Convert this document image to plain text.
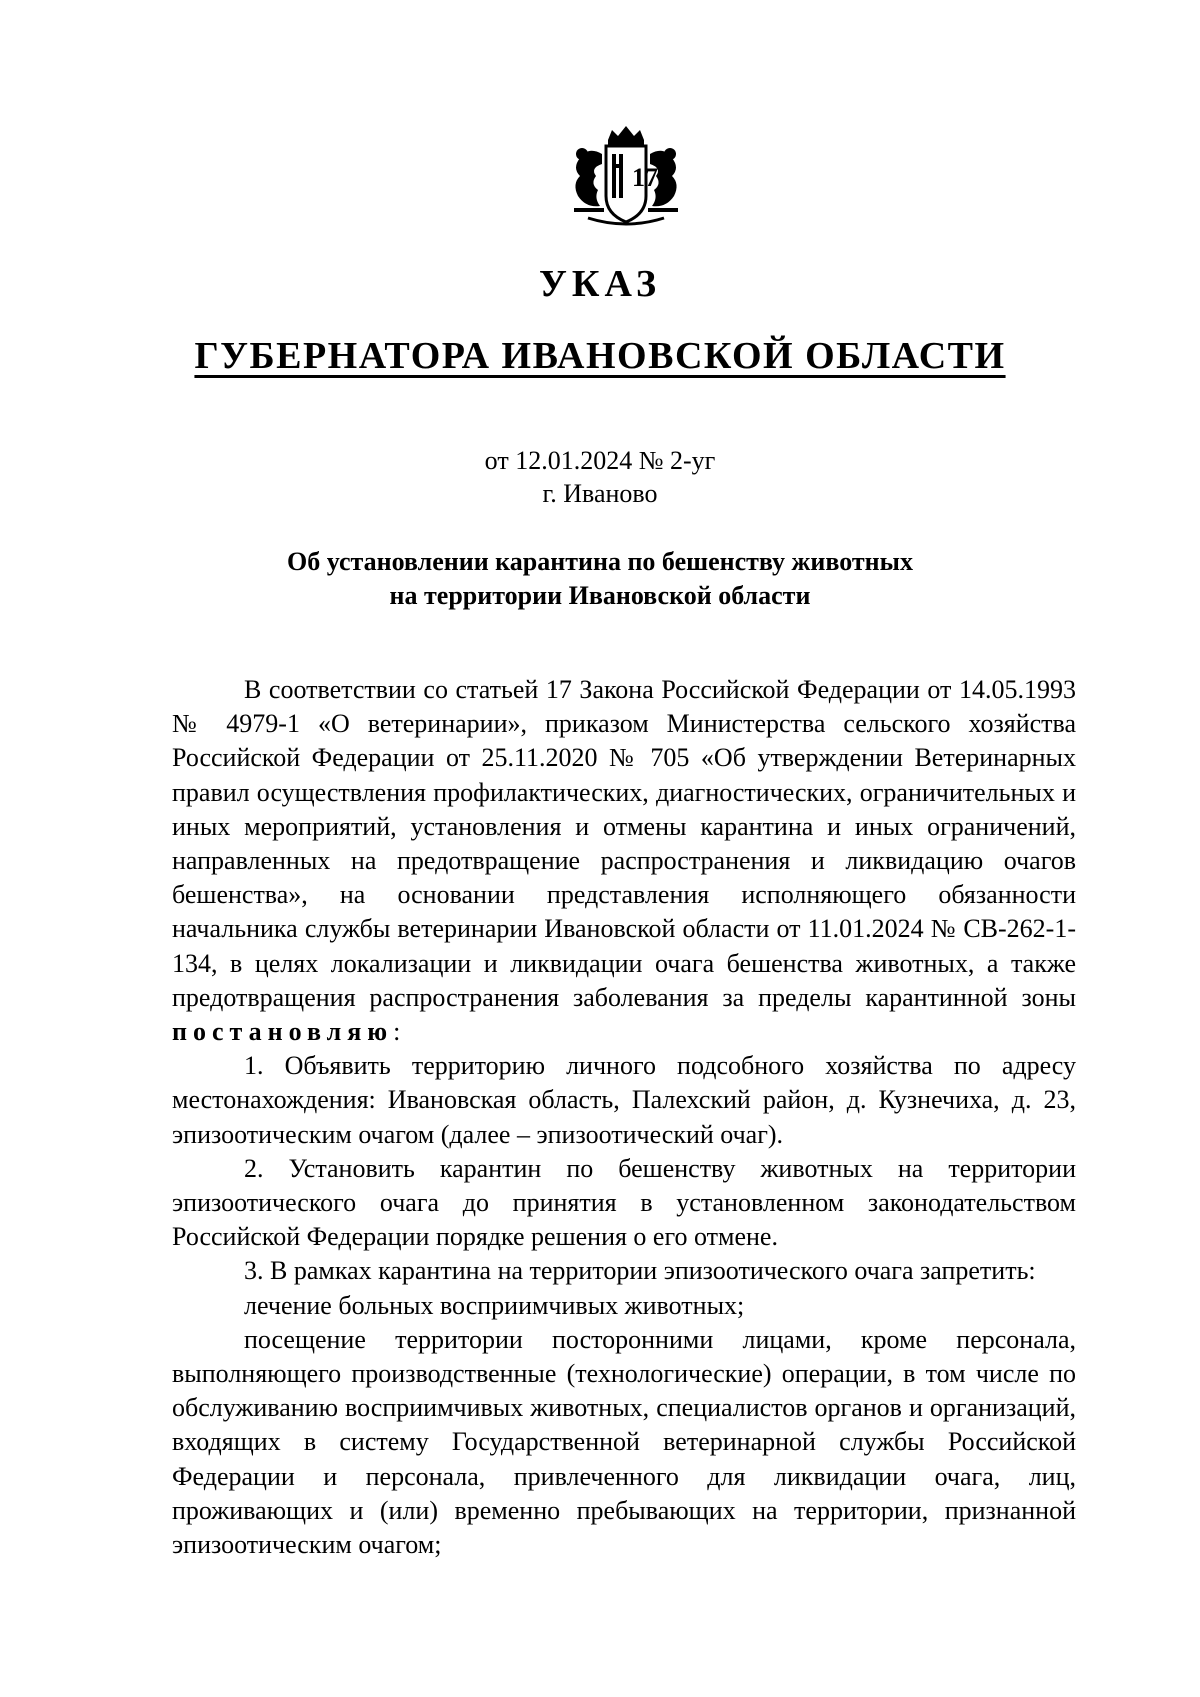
17
УКАЗ
ГУБЕРНАТОРА ИВАНОВСКОЙ ОБЛАСТИ
от 12.01.2024 № 2-уг
г. Иваново
Об установлении карантина по бешенству животных
на территории Ивановской области

В соответствии со статьей 17 Закона Российской Федерации от 14.05.1993 № 4979-1 «О ветеринарии», приказом Министерства сельского хозяйства Российской Федерации от 25.11.2020 № 705 «Об утверждении Ветеринарных правил осуществления профилактических, диагностических, ограничительных и иных мероприятий, установления и отмены карантина и иных ограничений, направленных на предотвращение распространения и ликвидацию очагов бешенства», на основании представления исполняющего обязанности начальника службы ветеринарии Ивановской области от 11.01.2024 № СВ-262-1-134, в целях локализации и ликвидации очага бешенства животных, а также предотвращения распространения заболевания за пределы карантинной зоны постановляю:

1. Объявить территорию личного подсобного хозяйства по адресу местонахождения: Ивановская область, Палехский район, д. Кузнечиха, д. 23, эпизоотическим очагом (далее – эпизоотический очаг).

2. Установить карантин по бешенству животных на территории эпизоотического очага до принятия в установленном законодательством Российской Федерации порядке решения о его отмене.

3. В рамках карантина на территории эпизоотического очага запретить:

лечение больных восприимчивых животных;

посещение территории посторонними лицами, кроме персонала, выполняющего производственные (технологические) операции, в том числе по обслуживанию восприимчивых животных, специалистов органов и организаций, входящих в систему Государственной ветеринарной службы Российской Федерации и персонала, привлеченного для ликвидации очага, лиц, проживающих и (или) временно пребывающих на территории, признанной эпизоотическим очагом;
